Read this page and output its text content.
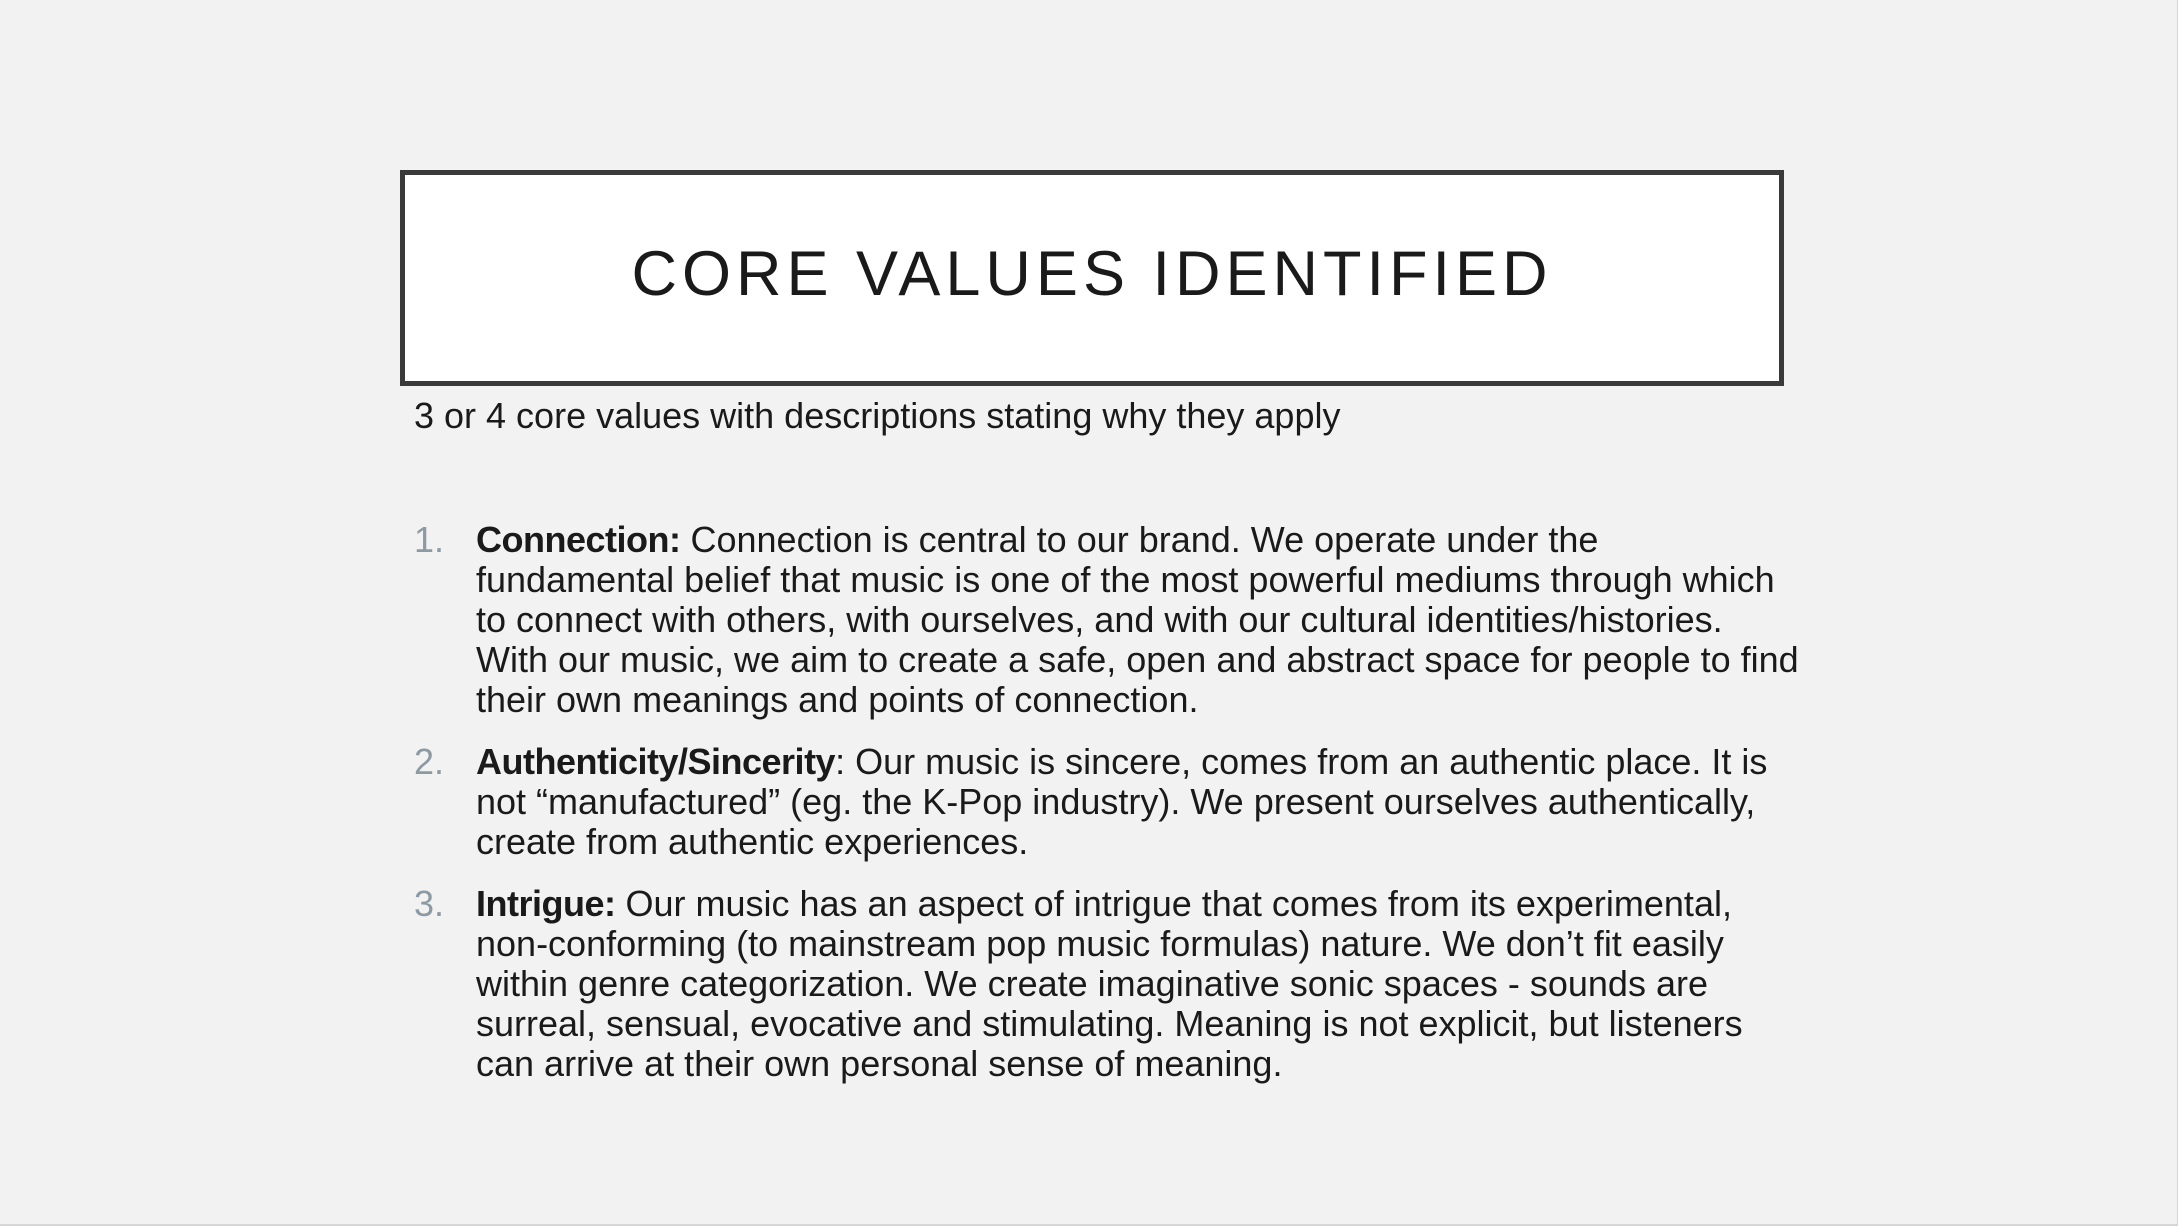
CORE VALUES IDENTIFIED
3 or 4 core values with descriptions stating why they apply
1. Connection: Connection is central to our brand. We operate under the fundamental belief that music is one of the most powerful mediums through which to connect with others, with ourselves, and with our cultural identities/histories. With our music, we aim to create a safe, open and abstract space for people to find their own meanings and points of connection.
2. Authenticity/Sincerity: Our music is sincere, comes from an authentic place. It is not “manufactured” (eg. the K-Pop industry). We present ourselves authentically, create from authentic experiences.
3. Intrigue: Our music has an aspect of intrigue that comes from its experimental, non-conforming (to mainstream pop music formulas) nature. We don’t fit easily within genre categorization. We create imaginative sonic spaces - sounds are surreal, sensual, evocative and stimulating. Meaning is not explicit, but listeners can arrive at their own personal sense of meaning.
